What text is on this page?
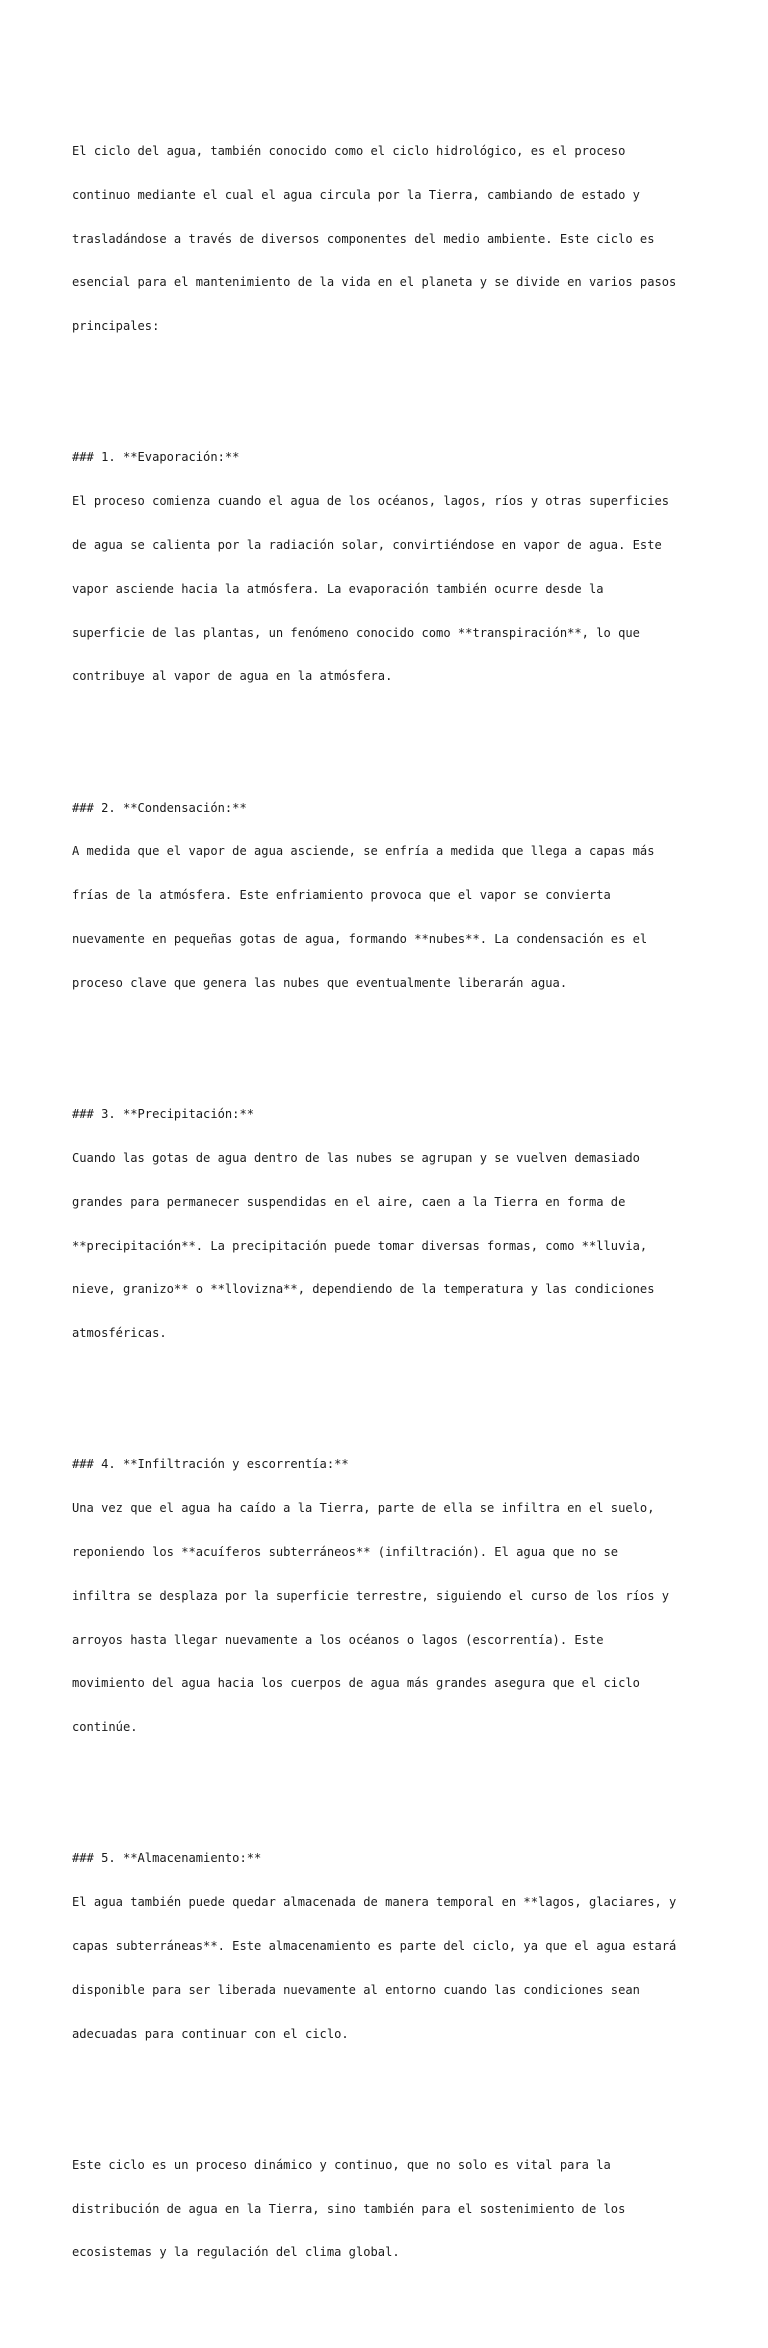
El ciclo del agua, también conocido como el ciclo hidrológico, es el proceso

continuo mediante el cual el agua circula por la Tierra, cambiando de estado y

trasladándose a través de diversos componentes del medio ambiente. Este ciclo es

esencial para el mantenimiento de la vida en el planeta y se divide en varios pasos

principales:

### 1. **Evaporación:**

El proceso comienza cuando el agua de los océanos, lagos, ríos y otras superficies

de agua se calienta por la radiación solar, convirtiéndose en vapor de agua. Este

vapor asciende hacia la atmósfera. La evaporación también ocurre desde la

superficie de las plantas, un fenómeno conocido como **transpiración**, lo que

contribuye al vapor de agua en la atmósfera.

### 2. **Condensación:**

A medida que el vapor de agua asciende, se enfría a medida que llega a capas más

frías de la atmósfera. Este enfriamiento provoca que el vapor se convierta

nuevamente en pequeñas gotas de agua, formando **nubes**. La condensación es el

proceso clave que genera las nubes que eventualmente liberarán agua.

### 3. **Precipitación:**

Cuando las gotas de agua dentro de las nubes se agrupan y se vuelven demasiado

grandes para permanecer suspendidas en el aire, caen a la Tierra en forma de

**precipitación**. La precipitación puede tomar diversas formas, como **lluvia,

nieve, granizo** o **llovizna**, dependiendo de la temperatura y las condiciones

atmosféricas.

### 4. **Infiltración y escorrentía:**

Una vez que el agua ha caído a la Tierra, parte de ella se infiltra en el suelo,

reponiendo los **acuíferos subterráneos** (infiltración). El agua que no se

infiltra se desplaza por la superficie terrestre, siguiendo el curso de los ríos y

arroyos hasta llegar nuevamente a los océanos o lagos (escorrentía). Este

movimiento del agua hacia los cuerpos de agua más grandes asegura que el ciclo

continúe.

### 5. **Almacenamiento:**

El agua también puede quedar almacenada de manera temporal en **lagos, glaciares, y

capas subterráneas**. Este almacenamiento es parte del ciclo, ya que el agua estará

disponible para ser liberada nuevamente al entorno cuando las condiciones sean

adecuadas para continuar con el ciclo.

Este ciclo es un proceso dinámico y continuo, que no solo es vital para la

distribución de agua en la Tierra, sino también para el sostenimiento de los

ecosistemas y la regulación del clima global.
